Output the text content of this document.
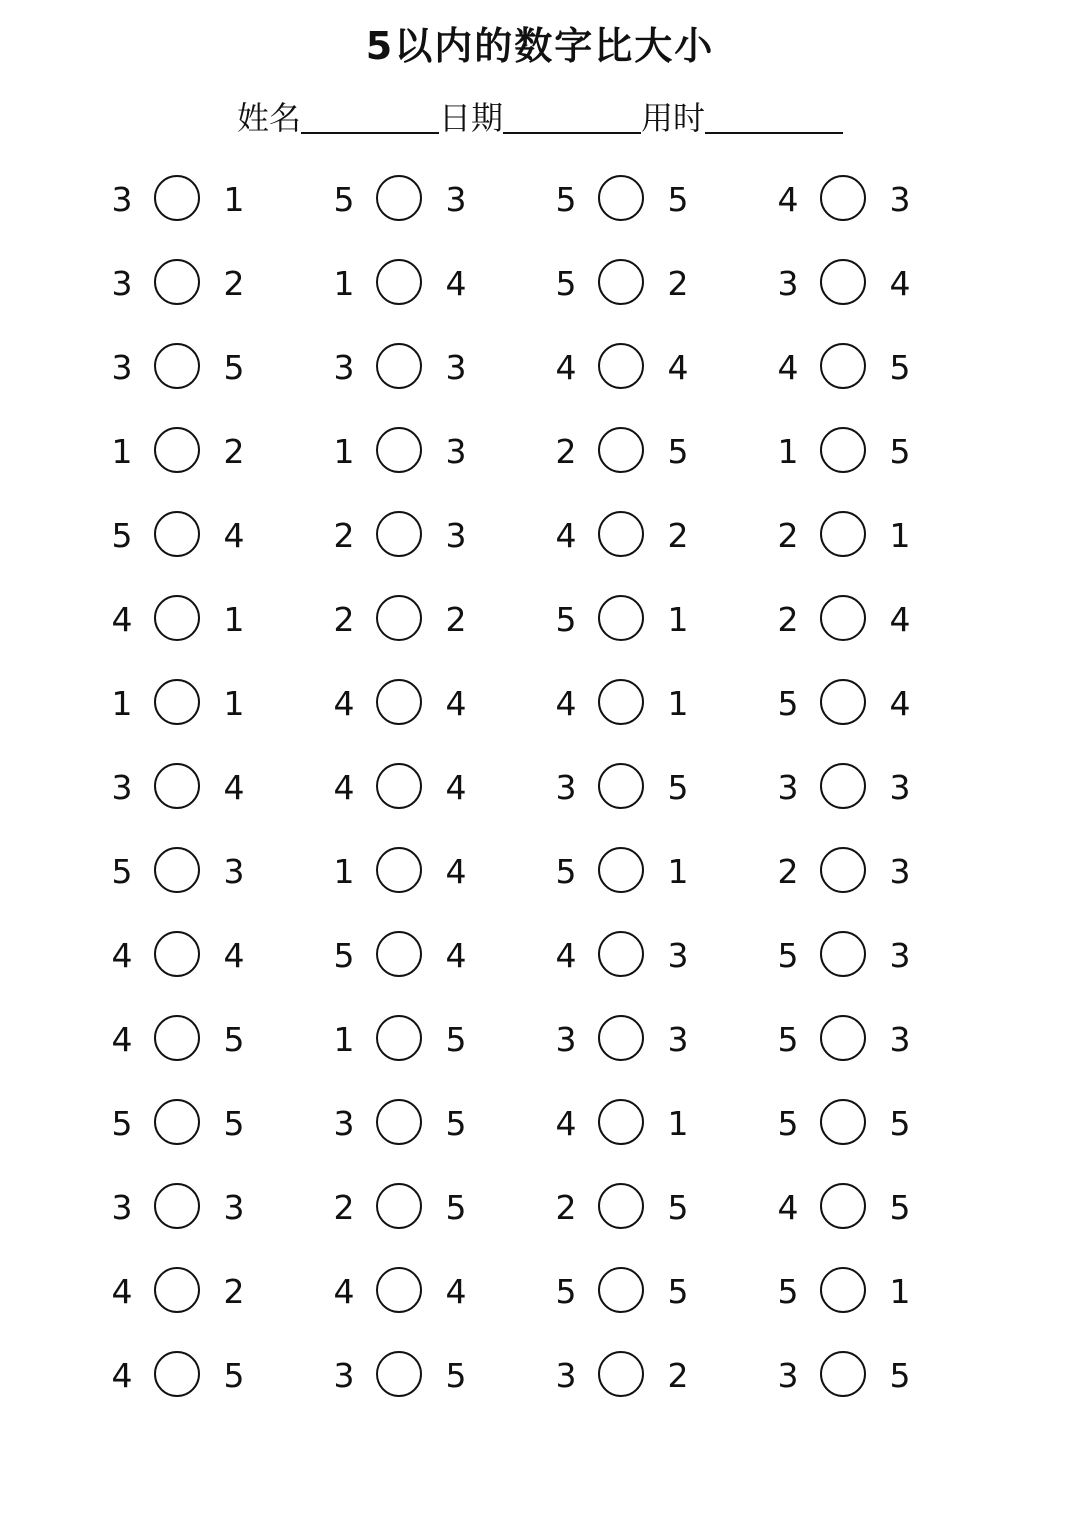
5以内的数字比大小
姓名	日期	用时
3	1	5	3	5	5	4	3
3	2	1	4	5	2	3	4
3	5	3	3	4	4	4	5
1	2	1	3	2	5	1	5
5	4	2	3	4	2	2	1
4	1	2	2	5	1	2	4
1	1	4	4	4	1	5	4
3	4	4	4	3	5	3	3
5	3	1	4	5	1	2	3
4	4	5	4	4	3	5	3
4	5	1	5	3	3	5	3
5	5	3	5	4	1	5	5
3	3	2	5	2	5	4	5
4	2	4	4	5	5	5	1
4	5	3	5	3	2	3	5
